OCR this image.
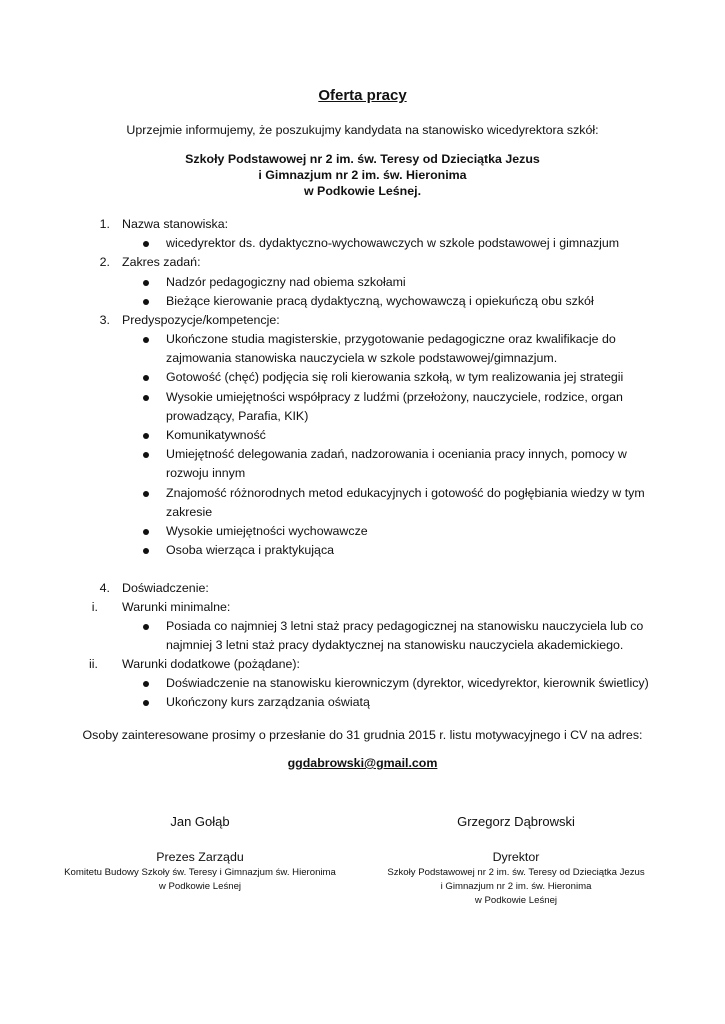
Oferta pracy
Uprzejmie informujemy, że poszukujmy kandydata na stanowisko wicedyrektora szkół:
Szkoły Podstawowej nr 2 im. św. Teresy od Dzieciątka Jezus
i Gimnazjum nr 2 im. św. Hieronima
w Podkowie Leśnej.
1. Nazwa stanowiska:
wicedyrektor ds. dydaktyczno-wychowawczych w szkole podstawowej i gimnazjum
2. Zakres zadań:
Nadzór pedagogiczny nad obiema szkołami
Bieżące kierowanie pracą dydaktyczną, wychowawczą i opiekuńczą obu szkół
3. Predyspozycje/kompetencje:
Ukończone studia magisterskie, przygotowanie pedagogiczne oraz kwalifikacje do
zajmowania stanowiska nauczyciela w szkole podstawowej/gimnazjum.
Gotowość (chęć) podjęcia się roli kierowania szkołą, w tym realizowania jej strategii
Wysokie umiejętności współpracy z ludźmi (przełożony, nauczyciele, rodzice, organ
prowadzący, Parafia, KIK)
Komunikatywność
Umiejętność delegowania zadań, nadzorowania i oceniania pracy innych, pomocy w
rozwoju innym
Znajomość różnorodnych metod edukacyjnych i gotowość do pogłębiania wiedzy w tym
zakresie
Wysokie umiejętności wychowawcze
Osoba wierząca i praktykująca
4. Doświadczenie:
i. Warunki minimalne:
Posiada co najmniej 3 letni staż pracy pedagogicznej na stanowisku nauczyciela lub co
najmniej 3 letni staż pracy dydaktycznej na stanowisku nauczyciela akademickiego.
ii. Warunki dodatkowe (pożądane):
Doświadczenie na stanowisku kierowniczym (dyrektor, wicedyrektor, kierownik świetlicy)
Ukończony kurs zarządzania oświatą
Osoby zainteresowane prosimy o przesłanie do 31 grudnia 2015 r. listu motywacyjnego i CV na adres:
ggdabrowski@gmail.com
Jan Gołąb
Prezes Zarządu
Komitetu Budowy Szkoły św. Teresy i Gimnazjum św. Hieronima
w Podkowie Leśnej
Grzegorz Dąbrowski
Dyrektor
Szkoły Podstawowej nr 2 im. św. Teresy od Dzieciątka Jezus
i Gimnazjum nr 2 im. św. Hieronima
w Podkowie Leśnej
